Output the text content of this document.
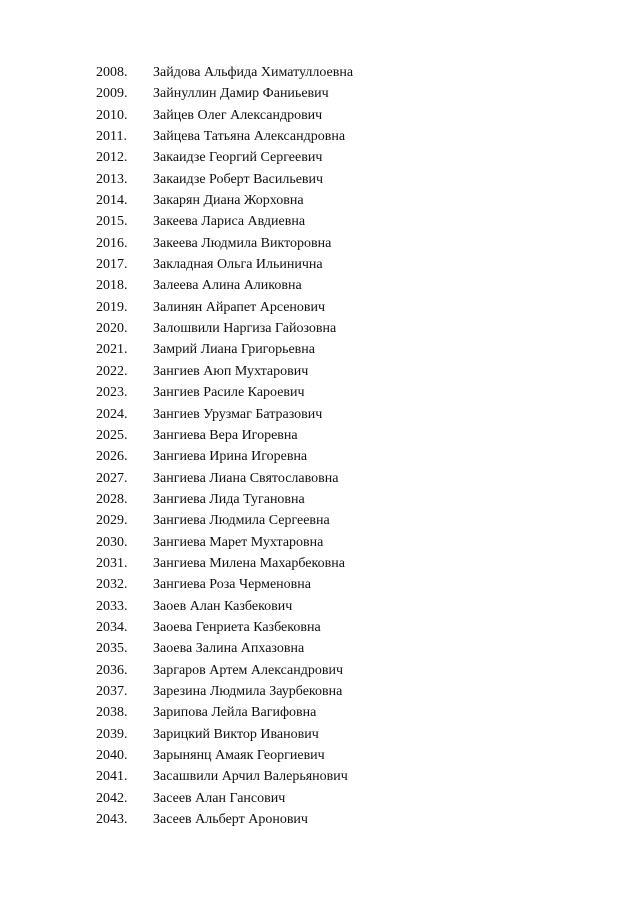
2008.	Зайдова Альфида Химатуллоевна
2009.	Зайнуллин Дамир Фаниьевич
2010.	Зайцев Олег Александрович
2011.	Зайцева Татьяна Александровна
2012.	Закаидзе Георгий Сергеевич
2013.	Закаидзе Роберт Васильевич
2014.	Закарян Диана Жорховна
2015.	Закеева Лариса Авдиевна
2016.	Закеева Людмила Викторовна
2017.	Закладная Ольга Ильинична
2018.	Залеева Алина Аликовна
2019.	Залинян Айрапет Арсенович
2020.	Залошвили Наргиза Гайозовна
2021.	Замрий Лиана Григорьевна
2022.	Зангиев Аюп Мухтарович
2023.	Зангиев Расиле Кароевич
2024.	Зангиев Урузмаг Батразович
2025.	Зангиева Вера Игоревна
2026.	Зангиева Ирина Игоревна
2027.	Зангиева Лиана Святославовна
2028.	Зангиева Лида Тугановна
2029.	Зангиева Людмила Сергеевна
2030.	Зангиева Марет Мухтаровна
2031.	Зангиева Милена Махарбековна
2032.	Зангиева Роза Черменовна
2033.	Заоев Алан Казбекович
2034.	Заоева Генриета Казбековна
2035.	Заоева Залина Апхазовна
2036.	Заргаров Артем Александрович
2037.	Зарезина Людмила Заурбековна
2038.	Зарипова Лейла Вагифовна
2039.	Зарицкий Виктор Иванович
2040.	Зарынянц Амаяк Георгиевич
2041.	Засашвили Арчил Валерьянович
2042.	Засеев Алан Гансович
2043.	Засеев Альберт Аронович
